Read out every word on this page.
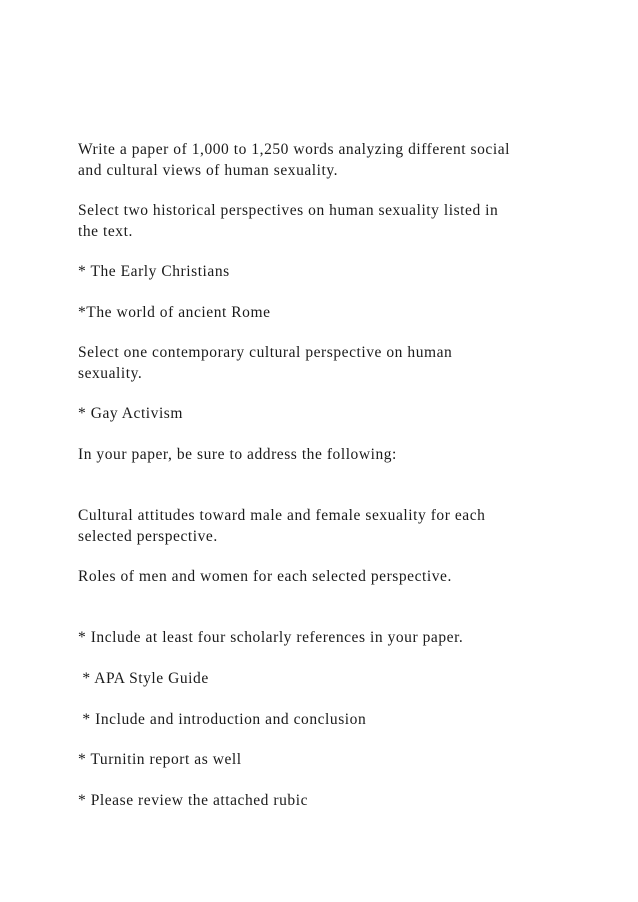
Write a paper of 1,000 to 1,250 words analyzing different social

and cultural views of human sexuality.

Select two historical perspectives on human sexuality listed in

the text.

* The Early Christians

*The world of ancient Rome

Select one contemporary cultural perspective on human

sexuality.

* Gay Activism

In your paper, be sure to address the following:

Cultural attitudes toward male and female sexuality for each

selected perspective.

Roles of men and women for each selected perspective.

* Include at least four scholarly references in your paper.

* APA Style Guide

* Include and introduction and conclusion

* Turnitin report as well

* Please review the attached rubic
